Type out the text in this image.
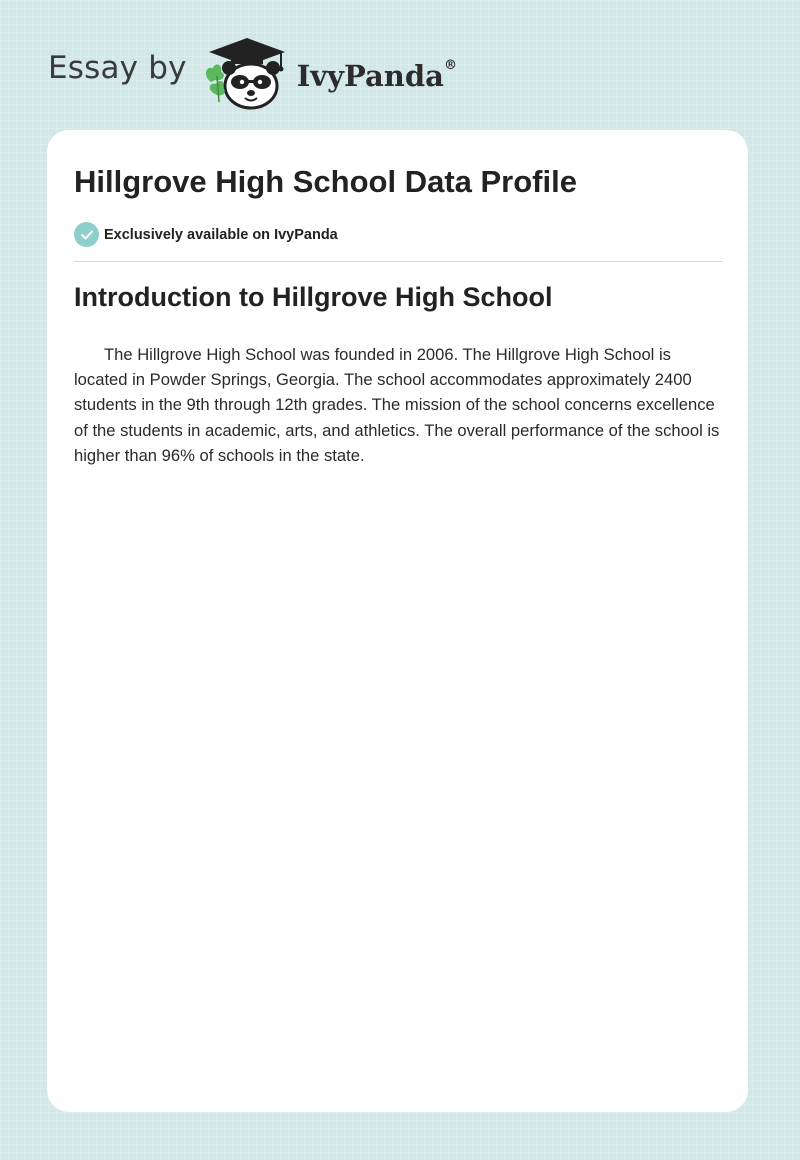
Essay by	IvyPanda®
Hillgrove High School Data Profile
Exclusively available on IvyPanda
Introduction to Hillgrove High School

The Hillgrove High School was founded in 2006. The Hillgrove High School is located in Powder Springs, Georgia. The school accommodates approximately 2400 students in the 9th through 12th grades. The mission of the school concerns excellence of the students in academic, arts, and athletics. The overall performance of the school is higher than 96% of schools in the state.
